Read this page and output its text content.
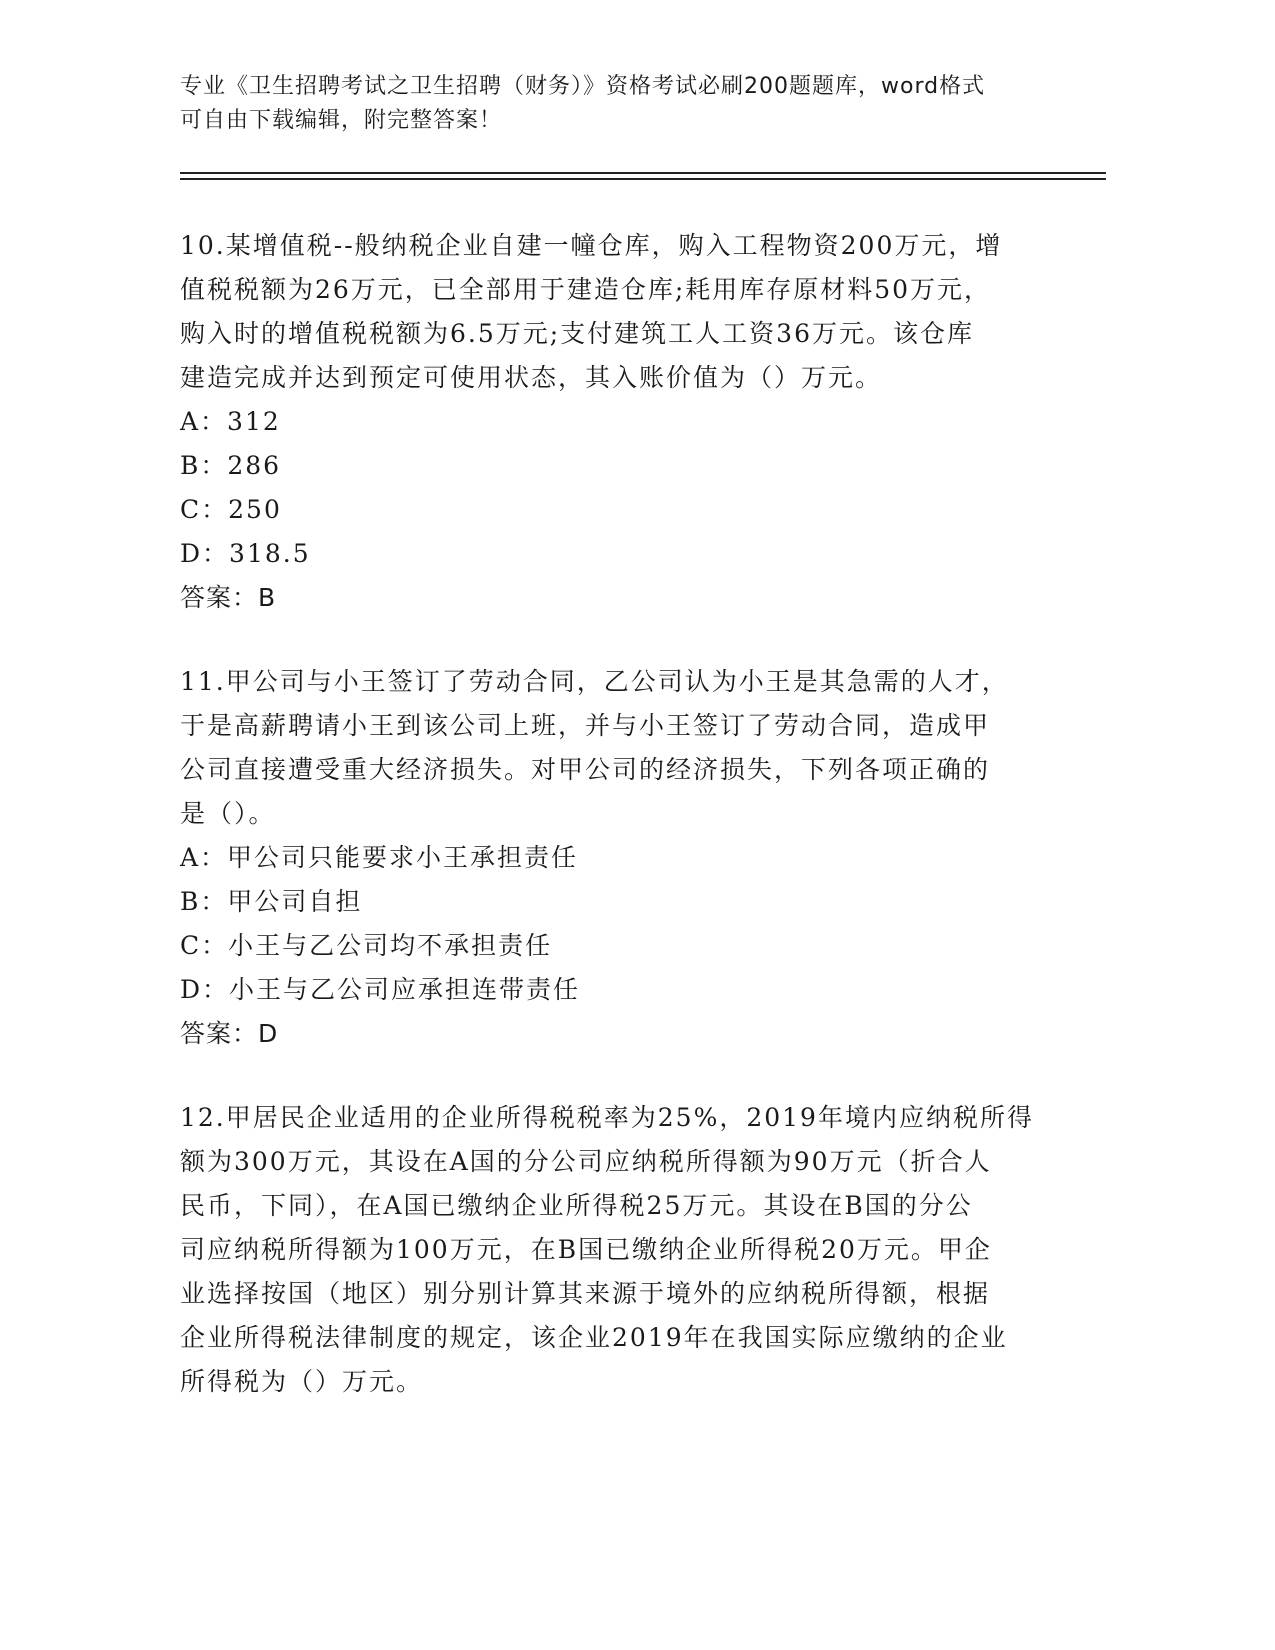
专业《卫生招聘考试之卫生招聘（财务）》资格考试必刷200题题库，word格式
可自由下载编辑，附完整答案！

10.某增值税--般纳税企业自建一幢仓库，购入工程物资200万元，增

值税税额为26万元，已全部用于建造仓库;耗用库存原材料50万元，

购入时的增值税税额为6.5万元;支付建筑工人工资36万元。该仓库

建造完成并达到预定可使用状态，其入账价值为（）万元。

A：312

B：286

C：250

D：318.5

答案：B

11.甲公司与小王签订了劳动合同，乙公司认为小王是其急需的人才，

于是高薪聘请小王到该公司上班，并与小王签订了劳动合同，造成甲

公司直接遭受重大经济损失。对甲公司的经济损失，下列各项正确的

是（）。

A：甲公司只能要求小王承担责任

B：甲公司自担

C：小王与乙公司均不承担责任

D：小王与乙公司应承担连带责任

答案：D

12.甲居民企业适用的企业所得税税率为25%，2019年境内应纳税所得

额为300万元，其设在A国的分公司应纳税所得额为90万元（折合人

民币，下同），在A国已缴纳企业所得税25万元。其设在B国的分公

司应纳税所得额为100万元，在B国已缴纳企业所得税20万元。甲企

业选择按国（地区）别分别计算其来源于境外的应纳税所得额，根据

企业所得税法律制度的规定，该企业2019年在我国实际应缴纳的企业

所得税为（）万元。
